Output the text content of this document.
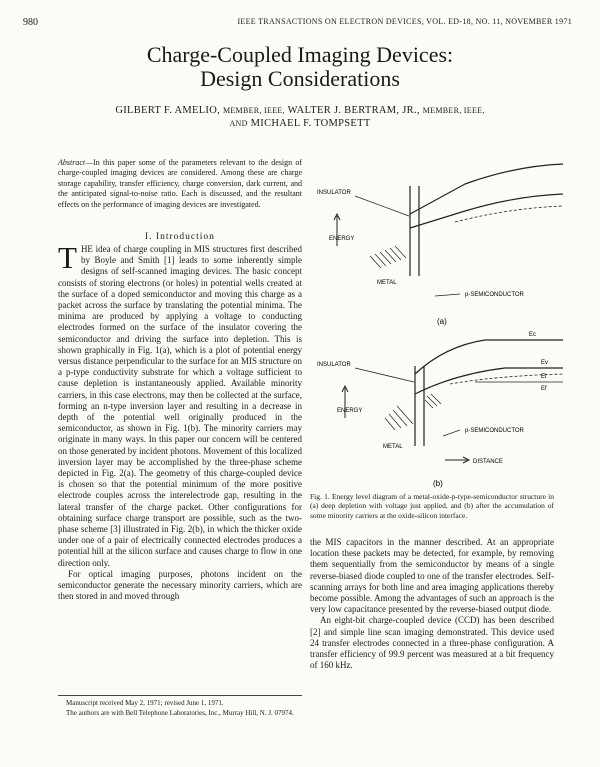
980	IEEE TRANSACTIONS ON ELECTRON DEVICES, VOL. ED-18, NO. 11, NOVEMBER 1971
Charge-Coupled Imaging Devices:
Design Considerations
GILBERT F. AMELIO, MEMBER, IEEE, WALTER J. BERTRAM, JR., MEMBER, IEEE,
AND MICHAEL F. TOMPSETT
Abstract—In this paper some of the parameters relevant to the design of charge-coupled imaging devices are considered. Among these are charge storage capability, transfer efficiency, charge conversion, dark current, and the anticipated signal-to-noise ratio. Each is discussed, and the resultant effects on the performance of imaging devices are investigated.
I. Introduction

THE idea of charge coupling in MIS structures first described by Boyle and Smith [1] leads to some inherently simple designs of self-scanned imaging devices. The basic concept consists of storing electrons (or holes) in potential wells created at the surface of a doped semiconductor and moving this charge as a packet across the surface by translating the potential minima. The minima are produced by applying a voltage to conducting electrodes formed on the surface of the insulator covering the semiconductor and driving the surface into depletion. This is shown graphically in Fig. 1(a), which is a plot of potential energy versus distance perpendicular to the surface for an MIS structure on a p-type conductivity substrate for which a voltage sufficient to cause depletion is instantaneously applied. Available minority carriers, in this case electrons, may then be collected at the surface, forming an n-type inversion layer and resulting in a decrease in depth of the potential well originally produced in the semiconductor, as shown in Fig. 1(b). The minority carriers may originate in many ways. In this paper our concern will be centered on those generated by incident photons. Movement of this localized inversion layer may be accomplished by the three-phase scheme depicted in Fig. 2(a). The geometry of this charge-coupled device is chosen so that the potential minimum of the more positive electrode couples across the interelectrode gap, resulting in the lateral transfer of the charge packet. Other configurations for obtaining surface charge transport are possible, such as the two-phase scheme [3] illustrated in Fig. 2(b), in which the thicker oxide under one of a pair of electrically connected electrodes produces a potential hill at the silicon surface and causes charge to flow in one direction only.

For optical imaging purposes, photons incident on the semiconductor generate the necessary minority carriers, which are then stored in and moved through

Manuscript received May 2, 1971; revised June 1, 1971.

The authors are with Bell Telephone Laboratories, Inc., Murray Hill, N. J. 07974.

INSULATOR
ENERGY
METAL
p-SEMICONDUCTOR
(a)
INSULATOR
ENERGY
METAL
p-SEMICONDUCTOR
DISTANCE
Ec
Ev
Ei
Ef
(b)
Fig. 1. Energy level diagram of a metal-oxide-p-type-semiconductor structure in (a) deep depletion with voltage just applied, and (b) after the accumulation of some minority carriers at the oxide-silicon interface.

the MIS capacitors in the manner described. At an appropriate location these packets may be detected, for example, by removing them sequentially from the semiconductor by means of a single reverse-biased diode coupled to one of the transfer electrodes. Self-scanning arrays for both line and area imaging applications thereby become possible. Among the advantages of such an approach is the very low capacitance presented by the reverse-biased output diode.

An eight-bit charge-coupled device (CCD) has been described [2] and simple line scan imaging demonstrated. This device used 24 transfer electrodes connected in a three-phase configuration. A transfer efficiency of 99.9 percent was measured at a bit frequency of 160 kHz.
